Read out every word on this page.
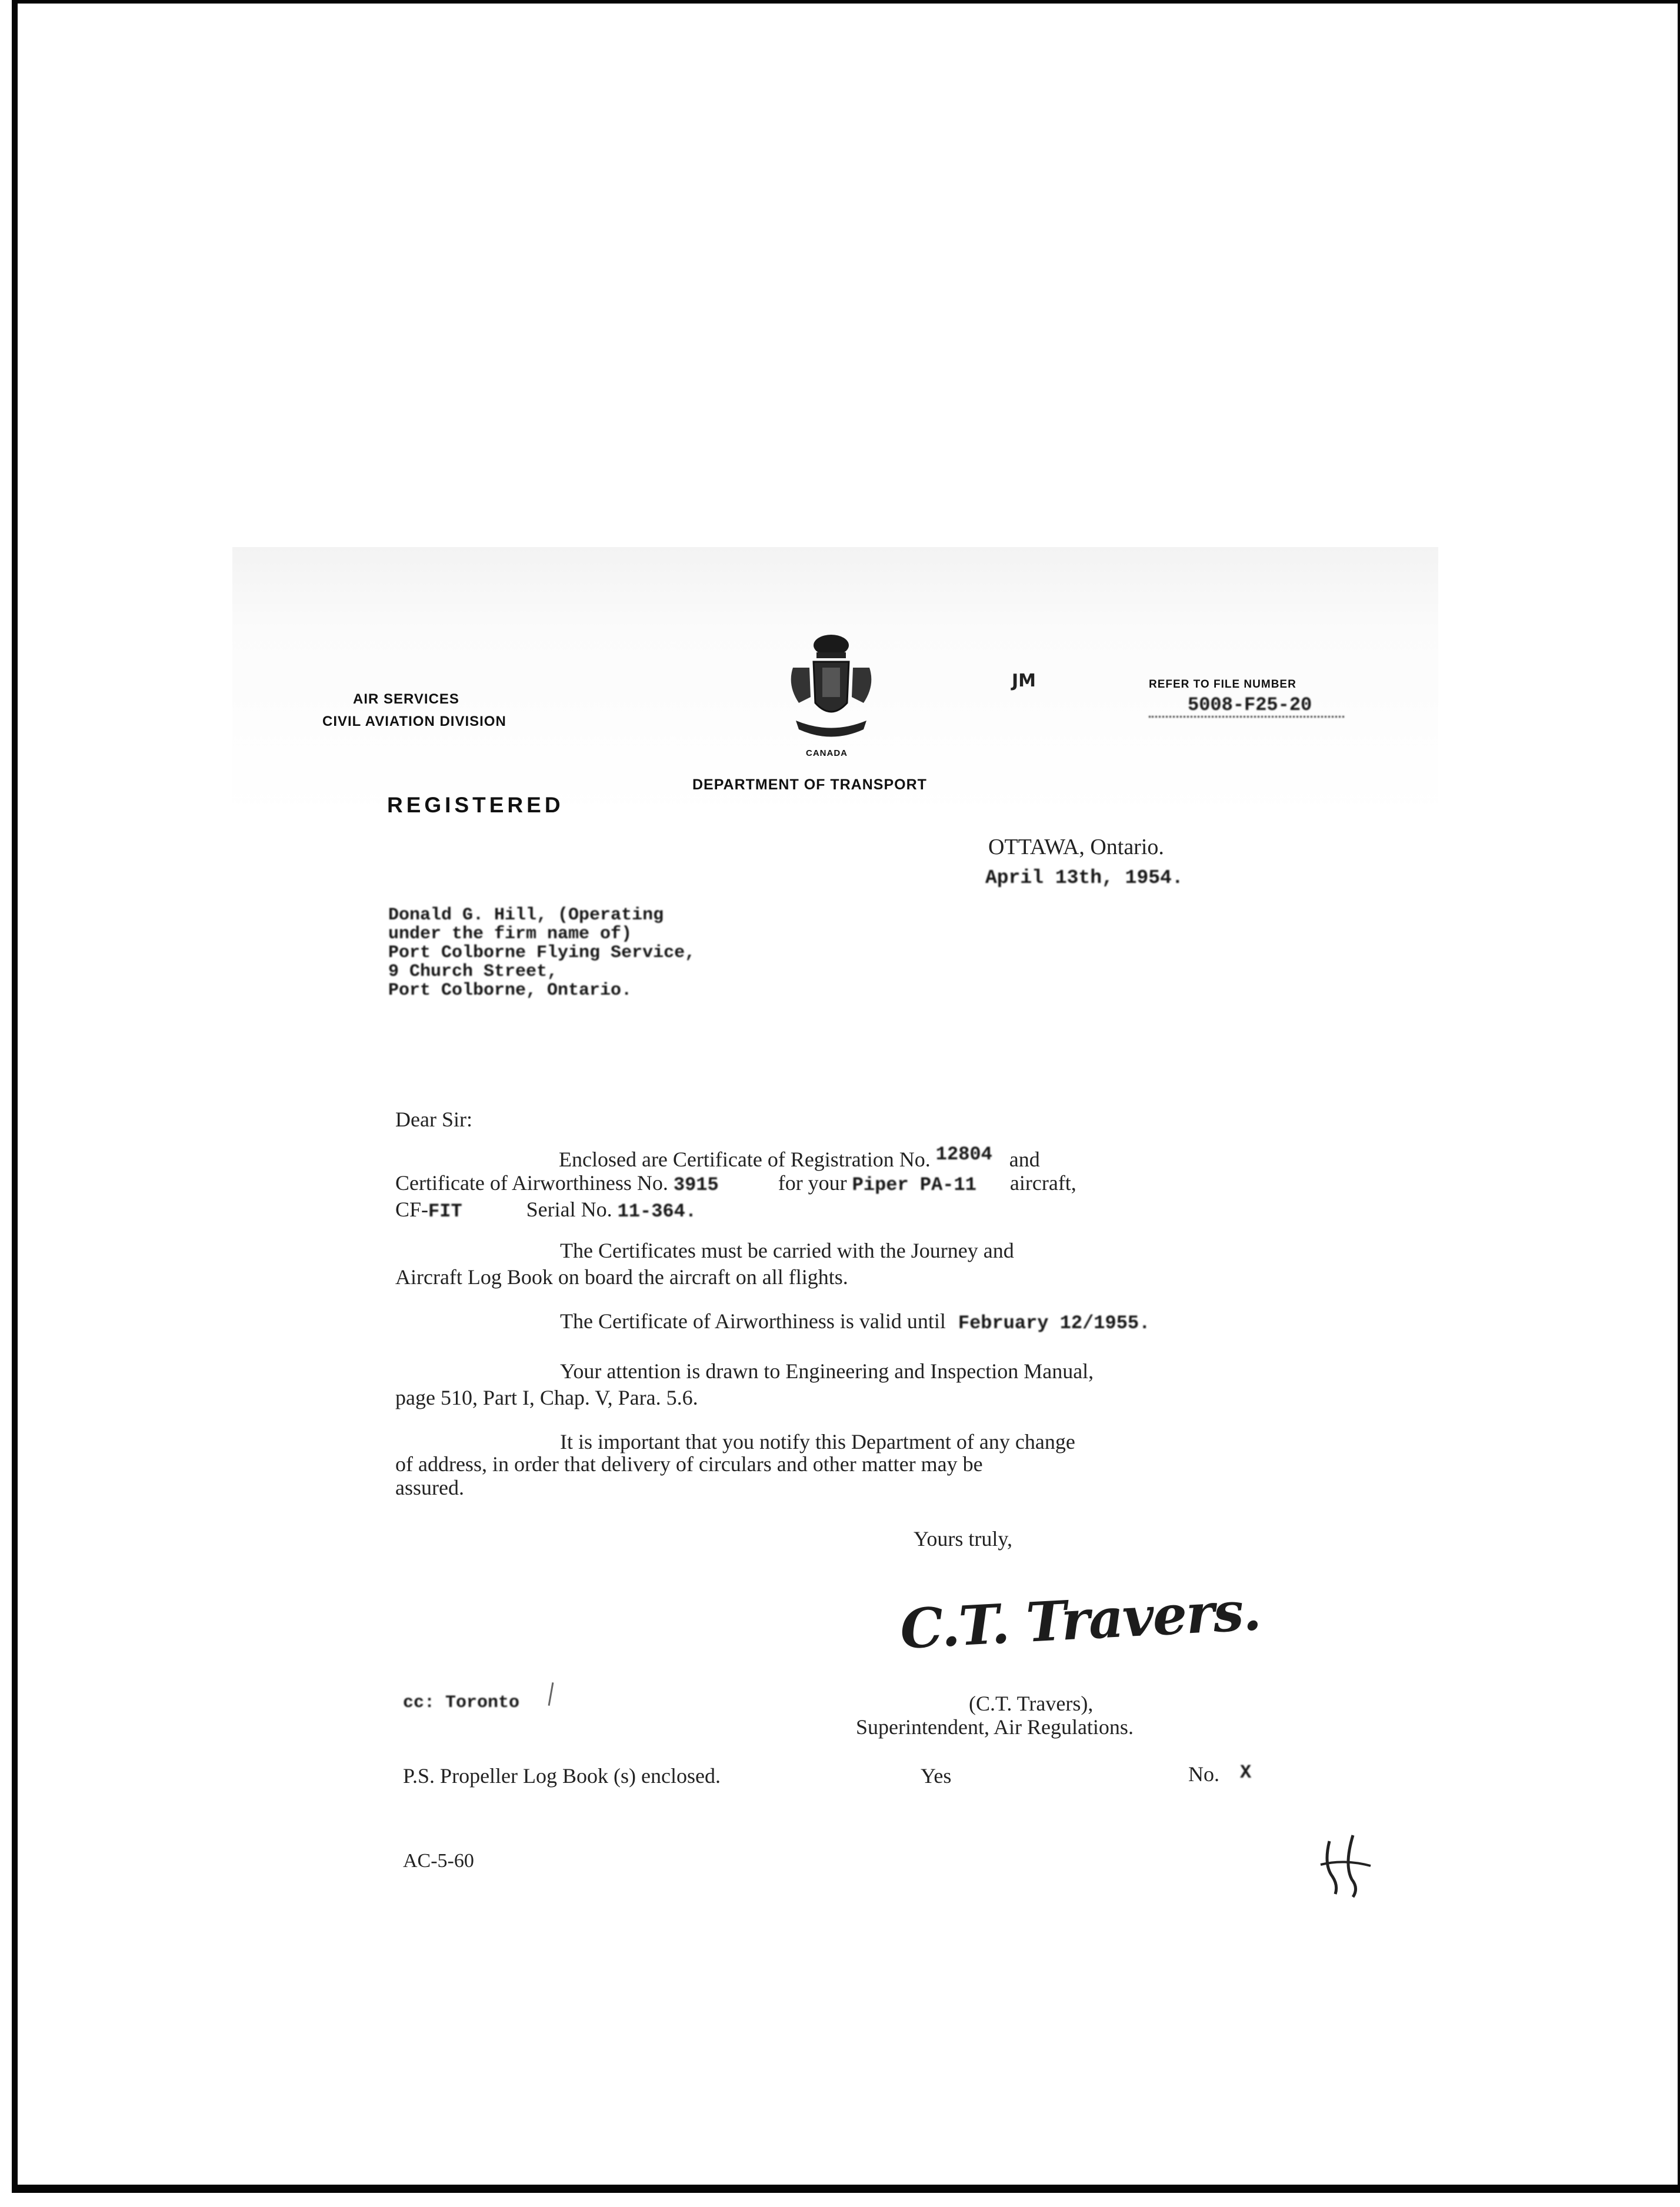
AIR SERVICES
CIVIL AVIATION DIVISION
CANADA
DEPARTMENT OF TRANSPORT
JM	REFER TO FILE NUMBER
5008-F25-20
REGISTERED
OTTAWA, Ontario.
April 13th, 1954.
Donald G. Hill, (Operating
under the firm name of)
Port Colborne Flying Service,
9 Church Street,
Port Colborne, Ontario.
Dear Sir:
Enclosed are Certificate of Registration No. 12804 and
Certificate of Airworthiness No. 3915	for your Piper PA-11 aircraft,
CF-FIT	Serial No. 11-364.
The Certificates must be carried with the Journey and
Aircraft Log Book on board the aircraft on all flights.
The Certificate of Airworthiness is valid until February 12/1955.
Your attention is drawn to Engineering and Inspection Manual,
page 510, Part I, Chap. V, Para. 5.6.
It is important that you notify this Department of any change
of address, in order that delivery of circulars and other matter may be
assured.
Yours truly,
C.T. Travers.
cc: Toronto	(C.T. Travers),
Superintendent, Air Regulations.
P.S. Propeller Log Book (s) enclosed.	Yes	No. X
AC-5-60
